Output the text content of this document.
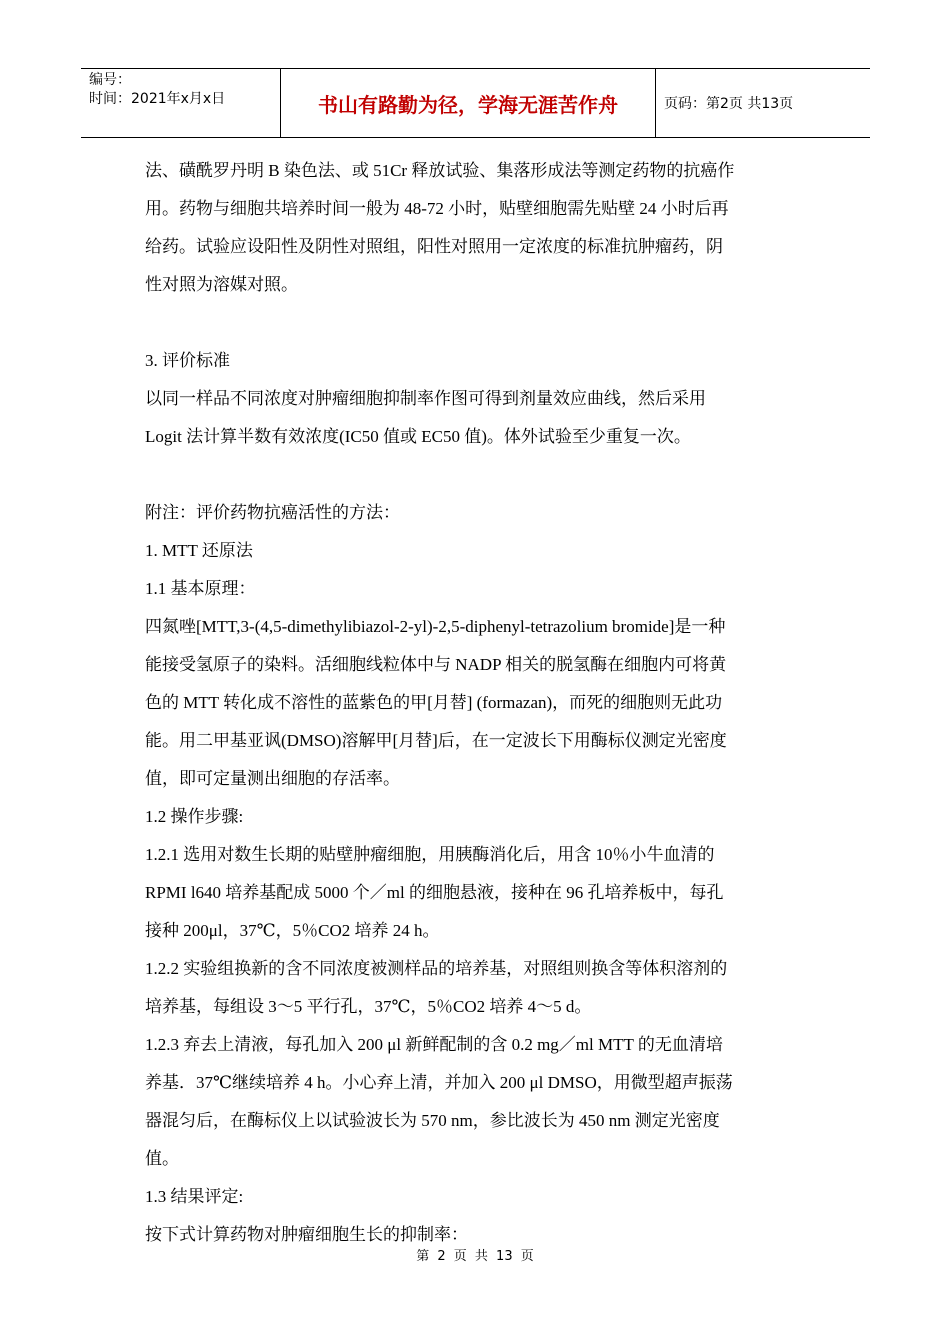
编号：
时间：2021年x月x日	书山有路勤为径，学海无涯苦作舟	页码：第2页 共13页

法、磺酰罗丹明 B 染色法、或 51Cr 释放试验、集落形成法等测定药物的抗癌作

用。药物与细胞共培养时间一般为 48-72 小时，贴壁细胞需先贴壁 24 小时后再

给药。试验应设阳性及阴性对照组，阳性对照用一定浓度的标准抗肿瘤药，阴

性对照为溶媒对照。

3. 评价标准

以同一样品不同浓度对肿瘤细胞抑制率作图可得到剂量效应曲线，然后采用

Logit 法计算半数有效浓度(IC50 值或 EC50 值)。体外试验至少重复一次。

附注：评价药物抗癌活性的方法：

1. MTT 还原法

1.1 基本原理：

四氮唑[MTT,3-(4,5-dimethylibiazol-2-yl)-2,5-diphenyl-tetrazolium bromide]是一种

能接受氢原子的染料。活细胞线粒体中与 NADP 相关的脱氢酶在细胞内可将黄

色的 MTT 转化成不溶性的蓝紫色的甲[月替] (formazan)，而死的细胞则无此功

能。用二甲基亚讽(DMSO)溶解甲[月替]后，在一定波长下用酶标仪测定光密度

值，即可定量测出细胞的存活率。

1.2 操作步骤:

1.2.1 选用对数生长期的贴壁肿瘤细胞，用胰酶消化后，用含 10％小牛血清的

RPMI l640 培养基配成 5000 个／ml 的细胞悬液，接种在 96 孔培养板中，每孔

接种 200μl，37℃，5％CO2 培养 24 h。

1.2.2 实验组换新的含不同浓度被测样品的培养基，对照组则换含等体积溶剂的

培养基，每组设 3～5 平行孔，37℃，5％CO2 培养 4～5 d。

1.2.3 弃去上清液，每孔加入 200 μl 新鲜配制的含 0.2 mg／ml MTT 的无血清培

养基．37℃继续培养 4 h。小心弃上清，并加入 200 μl DMSO，用微型超声振荡

器混匀后，在酶标仪上以试验波长为 570 nm，参比波长为 450 nm 测定光密度

值。

1.3 结果评定:

按下式计算药物对肿瘤细胞生长的抑制率：

第 2 页 共 13 页
